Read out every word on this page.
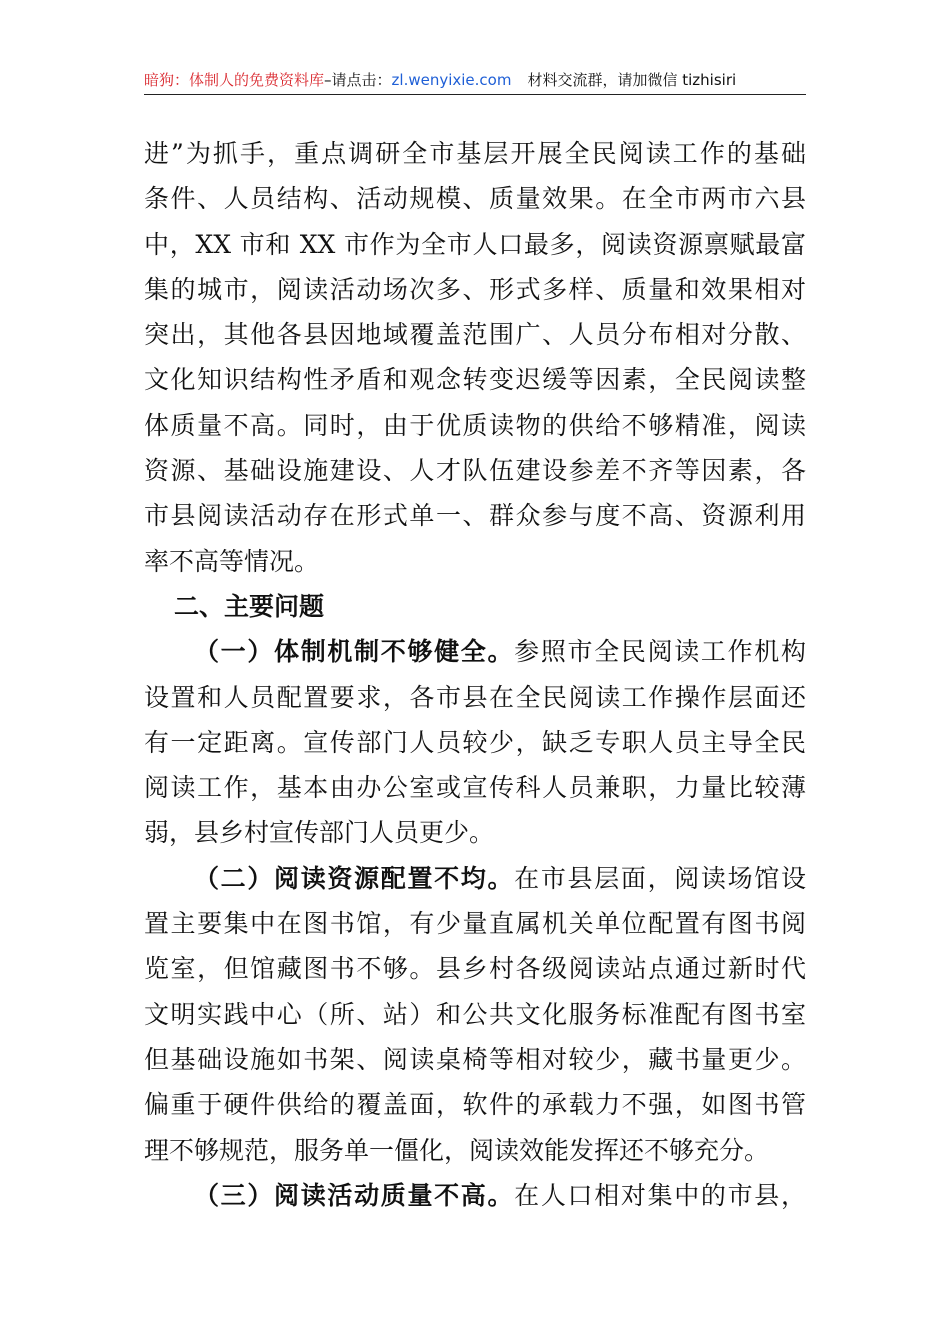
暗狗：体制人的免费资料库–请点击：zl.wenyixie.com 材料交流群，请加微信 tizhisiri
进”为抓手，重点调研全市基层开展全民阅读工作的基础
条件、人员结构、活动规模、质量效果。在全市两市六县
中，XX 市和 XX 市作为全市人口最多，阅读资源禀赋最富
集的城市，阅读活动场次多、形式多样、质量和效果相对
突出，其他各县因地域覆盖范围广、人员分布相对分散、
文化知识结构性矛盾和观念转变迟缓等因素，全民阅读整
体质量不高。同时，由于优质读物的供给不够精准，阅读
资源、基础设施建设、人才队伍建设参差不齐等因素，各
市县阅读活动存在形式单一、群众参与度不高、资源利用
率不高等情况。
二、主要问题
（一）体制机制不够健全。参照市全民阅读工作机构
设置和人员配置要求，各市县在全民阅读工作操作层面还
有一定距离。宣传部门人员较少，缺乏专职人员主导全民
阅读工作，基本由办公室或宣传科人员兼职，力量比较薄
弱，县乡村宣传部门人员更少。
（二）阅读资源配置不均。在市县层面，阅读场馆设
置主要集中在图书馆，有少量直属机关单位配置有图书阅
览室，但馆藏图书不够。县乡村各级阅读站点通过新时代
文明实践中心（所、站）和公共文化服务标准配有图书室
但基础设施如书架、阅读桌椅等相对较少，藏书量更少。
偏重于硬件供给的覆盖面，软件的承载力不强，如图书管
理不够规范，服务单一僵化，阅读效能发挥还不够充分。
（三）阅读活动质量不高。在人口相对集中的市县，
